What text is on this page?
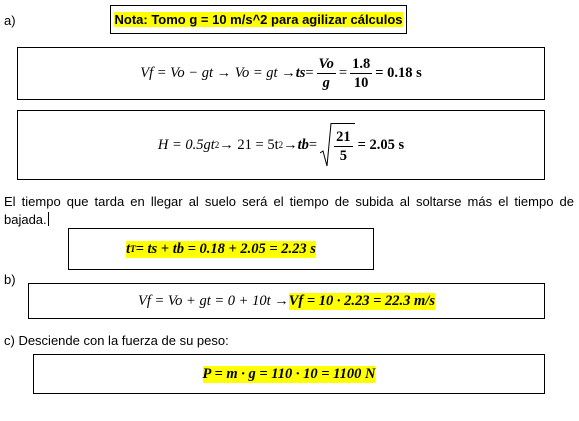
a)	Nota: Tomo g = 10 m/s^2 para agilizar cálculos
Vf = Vo − gt → Vo = gt → ts = $\frac{Vo}{g} = \frac{1.8}{10} = 0.18$ s
H = 0.5gt 2 → 21 = 5t 2 → tb = $\frac{21}{5} = 2.05$ s
El tiempo que tarda en llegar al suelo será el tiempo de subida al soltarse más el tiempo de
bajada.
t T = ts + tb = 0.18 + 2.05 = 2.23 s
b)
Vf = Vo + gt = 0 + 10t → Vf = 10 · 2.23 = 22.3 m/s
c) Desciende con la fuerza de su peso:
P = m · g = 110 · 10 = 1100 N
